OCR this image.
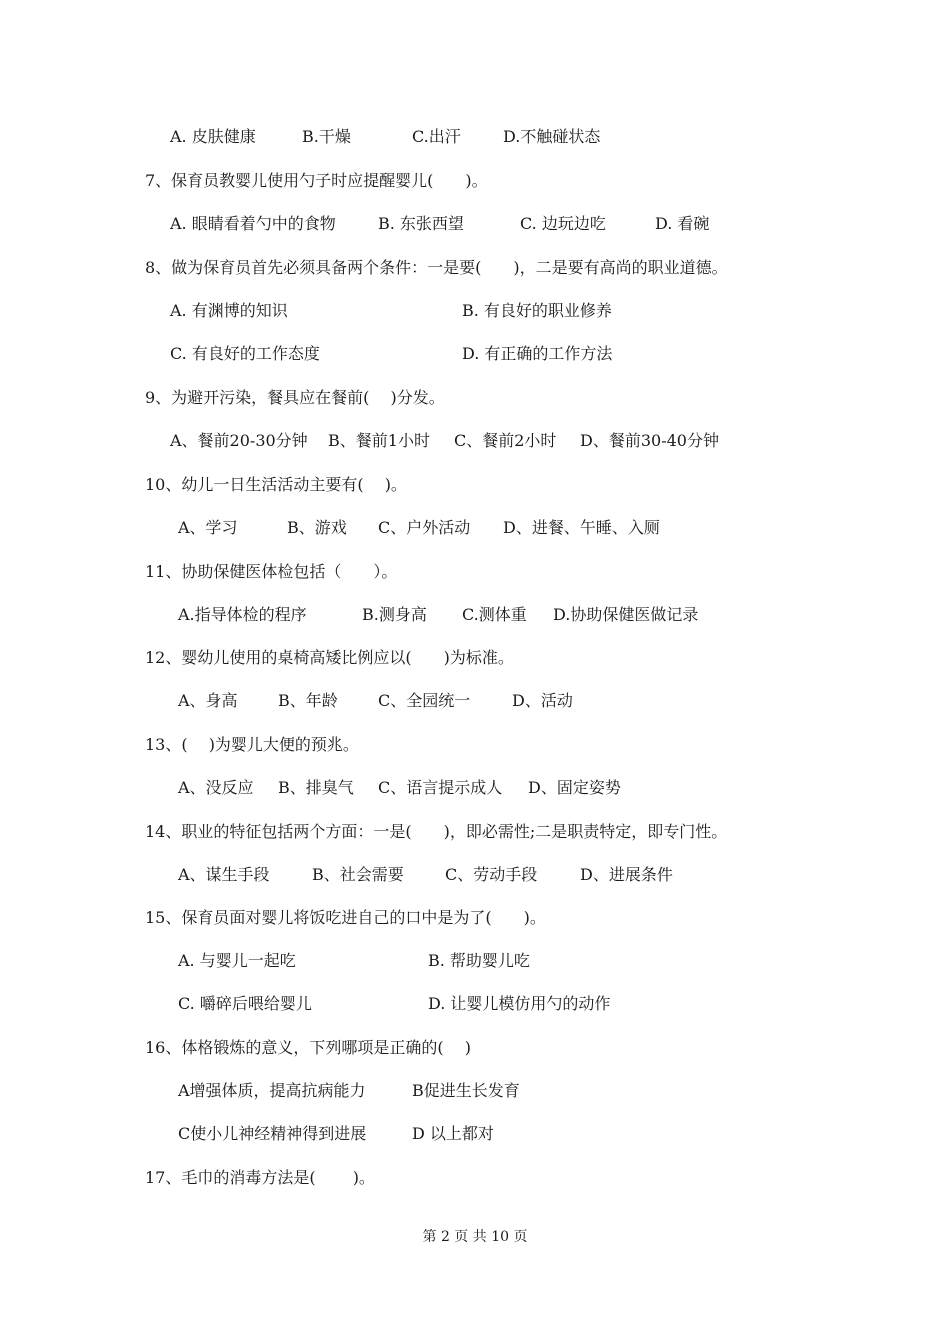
A. 皮肤健康	B.干燥	C.出汗	D.不触碰状态
7、保育员教婴儿使用勺子时应提醒婴儿(　　)。
A. 眼睛看着勺中的食物	B. 东张西望	C. 边玩边吃	D. 看碗
8、做为保育员首先必须具备两个条件：一是要(　　)，二是要有高尚的职业道德。
A. 有渊博的知识	B. 有良好的职业修养
C. 有良好的工作态度	D. 有正确的工作方法
9、为避开污染，餐具应在餐前(　 )分发。
A、餐前20-30分钟 B、餐前1小时 C、餐前2小时 D、餐前30-40分钟
10、幼儿一日生活活动主要有(　 )。
A、学习	B、游戏 C、户外活动 D、进餐、午睡、入厕
11、协助保健医体检包括（　　）。
A.指导体检的程序	B.测身高 C.测体重 D.协助保健医做记录
12、婴幼儿使用的桌椅高矮比例应以(　　)为标准。
A、身高	B、年龄	C、全园统一	D、活动
13、(　 )为婴儿大便的预兆。
A、没反应 B、排臭气 C、语言提示成人 D、固定姿势
14、职业的特征包括两个方面：一是(　　)，即必需性;二是职责特定，即专门性。
A、谋生手段	B、社会需要	C、劳动手段	D、进展条件
15、保育员面对婴儿将饭吃进自己的口中是为了(　　)。
A. 与婴儿一起吃	B. 帮助婴儿吃
C. 嚼碎后喂给婴儿	D. 让婴儿模仿用勺的动作
16、体格锻炼的意义，下列哪项是正确的(　 )
A增强体质，提高抗病能力	B促进生长发育
C使小儿神经精神得到进展	D 以上都对
17、毛巾的消毒方法是(　　 )。
第 2 页 共 10 页
